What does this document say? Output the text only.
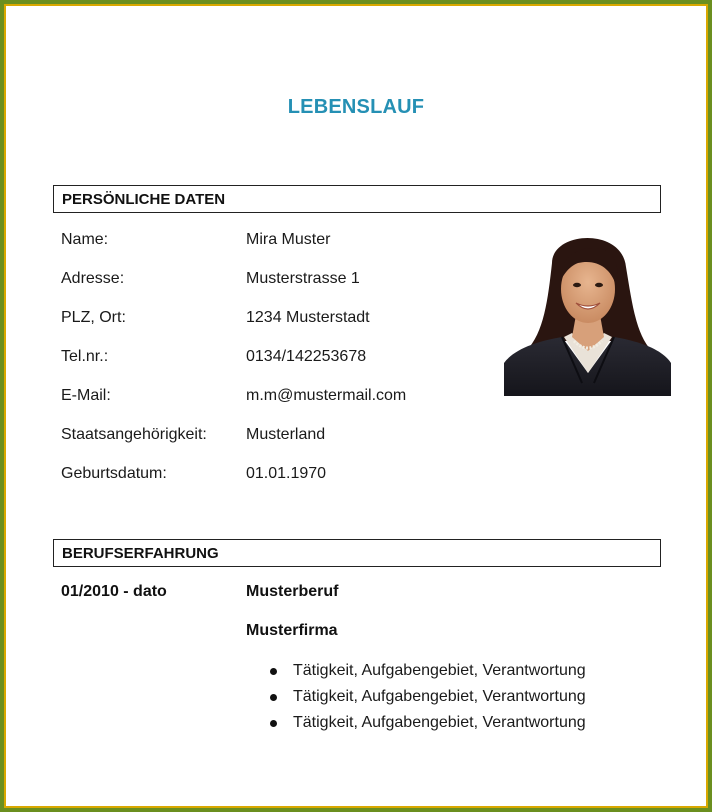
LEBENSLAUF
PERSÖNLICHE DATEN
Name:	Mira Muster
Adresse:	Musterstrasse 1
PLZ, Ort:	1234 Musterstadt
Tel.nr.:	0134/142253678
E-Mail:	m.m@mustermail.com
Staatsangehörigkeit: Musterland
Geburtsdatum:	01.01.1970
BERUFSERFAHRUNG
01/2010 - dato	Musterberuf
Musterfirma
Tätigkeit, Aufgabengebiet, Verantwortung
Tätigkeit, Aufgabengebiet, Verantwortung
Tätigkeit, Aufgabengebiet, Verantwortung
